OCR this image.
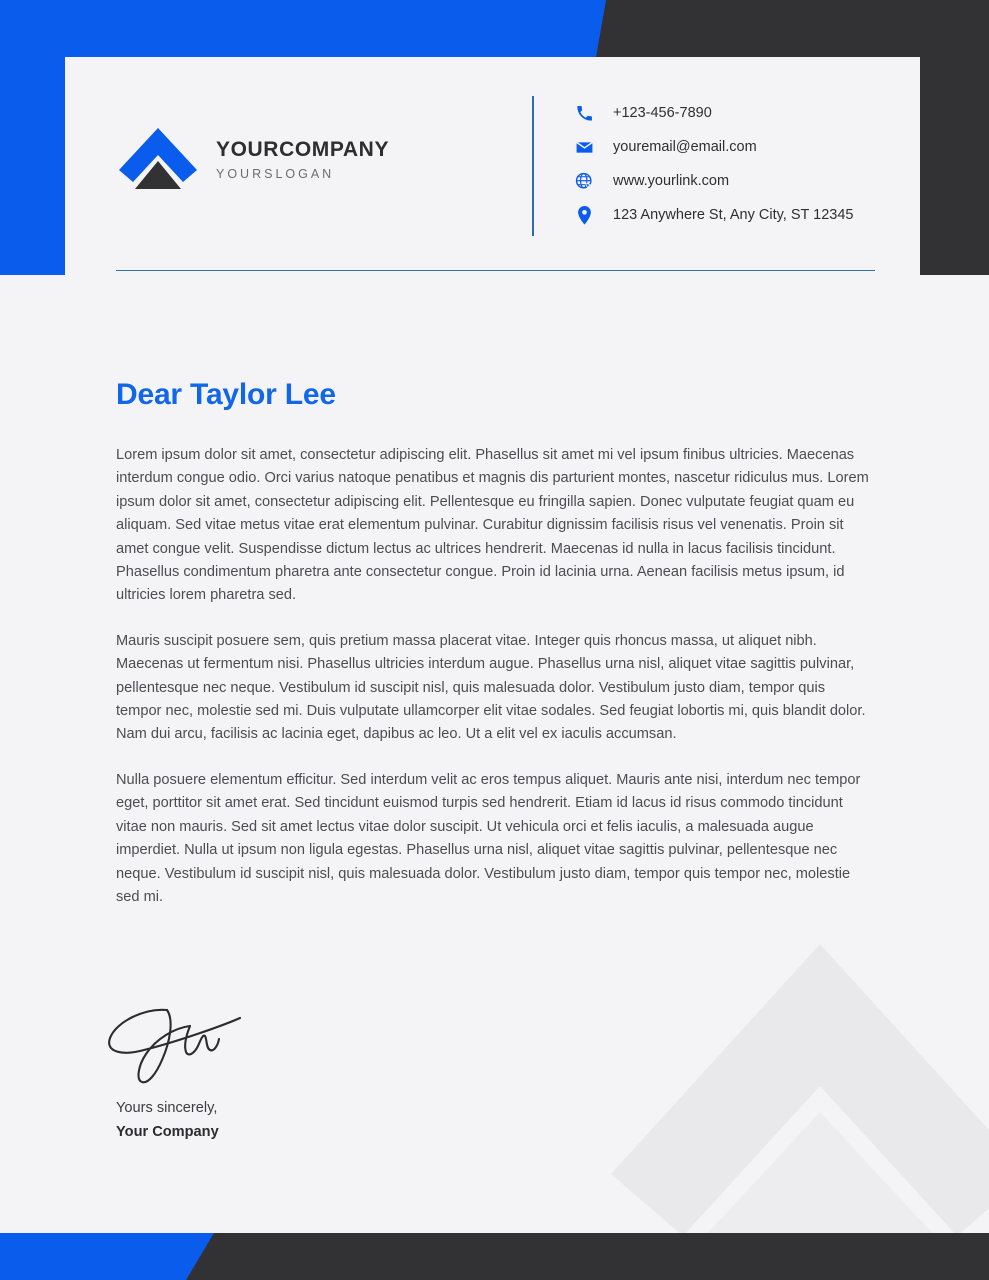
YOURCOMPANY
YOURSLOGAN
+123-456-7890
youremail@email.com
www.yourlink.com
123 Anywhere St, Any City, ST 12345
Dear Taylor Lee

Lorem ipsum dolor sit amet, consectetur adipiscing elit. Phasellus sit amet mi vel ipsum finibus ultricies. Maecenas interdum congue odio. Orci varius natoque penatibus et magnis dis parturient montes, nascetur ridiculus mus. Lorem ipsum dolor sit amet, consectetur adipiscing elit. Pellentesque eu fringilla sapien. Donec vulputate feugiat quam eu aliquam. Sed vitae metus vitae erat elementum pulvinar. Curabitur dignissim facilisis risus vel venenatis. Proin sit amet congue velit. Suspendisse dictum lectus ac ultrices hendrerit. Maecenas id nulla in lacus facilisis tincidunt. Phasellus condimentum pharetra ante consectetur congue. Proin id lacinia urna. Aenean facilisis metus ipsum, id ultricies lorem pharetra sed.

Mauris suscipit posuere sem, quis pretium massa placerat vitae. Integer quis rhoncus massa, ut aliquet nibh. Maecenas ut fermentum nisi. Phasellus ultricies interdum augue. Phasellus urna nisl, aliquet vitae sagittis pulvinar, pellentesque nec neque. Vestibulum id suscipit nisl, quis malesuada dolor. Vestibulum justo diam, tempor quis tempor nec, molestie sed mi. Duis vulputate ullamcorper elit vitae sodales. Sed feugiat lobortis mi, quis blandit dolor. Nam dui arcu, facilisis ac lacinia eget, dapibus ac leo. Ut a elit vel ex iaculis accumsan.

Nulla posuere elementum efficitur. Sed interdum velit ac eros tempus aliquet. Mauris ante nisi, interdum nec tempor eget, porttitor sit amet erat. Sed tincidunt euismod turpis sed hendrerit. Etiam id lacus id risus commodo tincidunt vitae non mauris. Sed sit amet lectus vitae dolor suscipit. Ut vehicula orci et felis iaculis, a malesuada augue imperdiet. Nulla ut ipsum non ligula egestas. Phasellus urna nisl, aliquet vitae sagittis pulvinar, pellentesque nec neque. Vestibulum id suscipit nisl, quis malesuada dolor. Vestibulum justo diam, tempor quis tempor nec, molestie sed mi.

Yours sincerely,
Your Company
